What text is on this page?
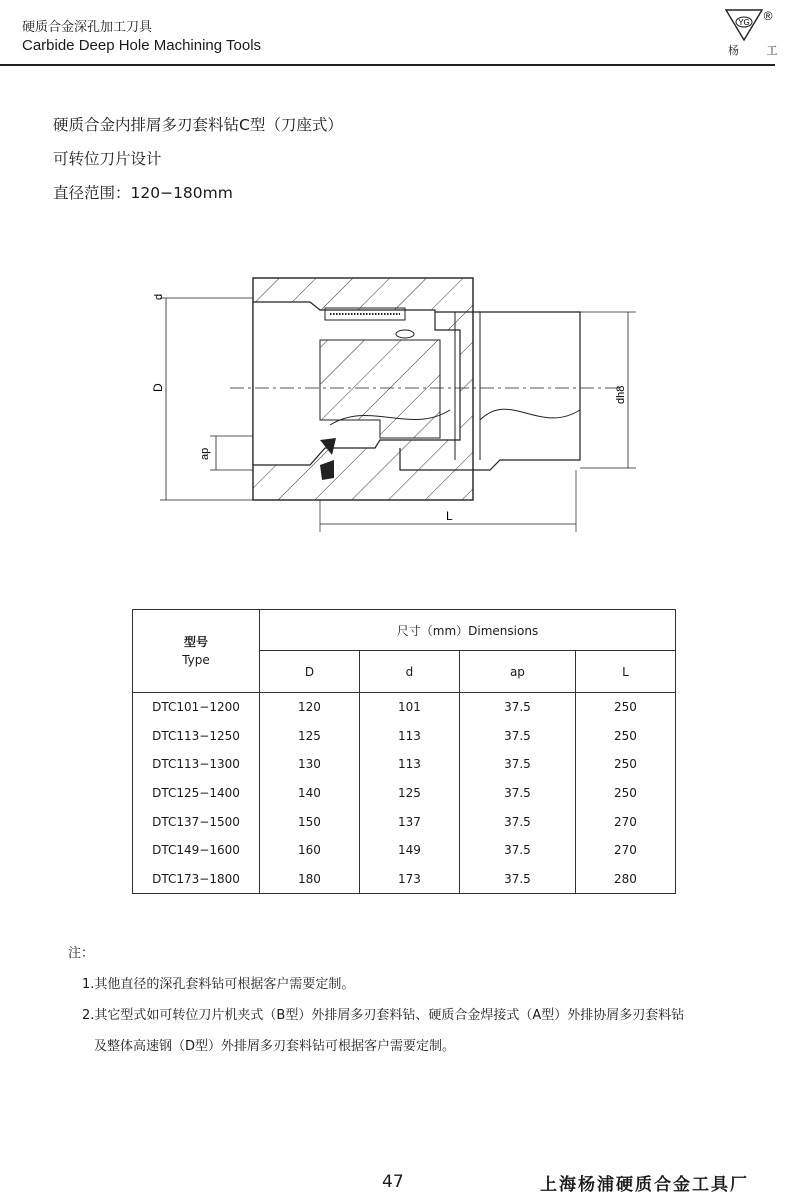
硬质合金深孔加工刀具
Carbide Deep Hole Machining Tools
YG ®
杨 工
硬质合金内排屑多刃套料钻C型（刀座式）
可转位刀片设计
直径范围：120−180mm
D
d
ap
dh8
L
型号
Type	尺寸（mm）Dimensions			
	D	d	ap	L
DTC101−1200	120	101	37.5	250
DTC113−1250	125	113	37.5	250
DTC113−1300	130	113	37.5	250
DTC125−1400	140	125	37.5	250
DTC137−1500	150	137	37.5	270
DTC149−1600	160	149	37.5	270
DTC173−1800	180	173	37.5	280
注：
1.其他直径的深孔套料钻可根据客户需要定制。
2.其它型式如可转位刀片机夹式（B型）外排屑多刃套料钻、硬质合金焊接式（A型）外排协屑多刃套料钻
及整体高速钢（D型）外排屑多刃套料钻可根据客户需要定制。
47	上海杨浦硬质合金工具厂
